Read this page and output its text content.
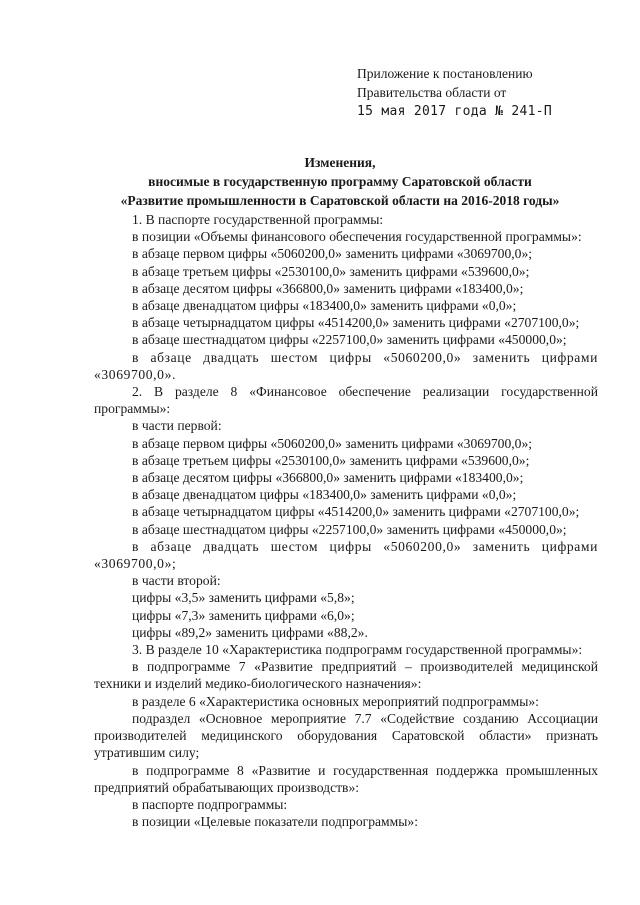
Приложение к постановлению
Правительства области от
15 мая 2017 года № 241-П
Изменения,
вносимые в государственную программу Саратовской области
«Развитие промышленности в Саратовской области на 2016-2018 годы»

1. В паспорте государственной программы:

в позиции «Объемы финансового обеспечения государственной программы»:

в абзаце первом цифры «5060200,0» заменить цифрами «3069700,0»;

в абзаце третьем цифры «2530100,0» заменить цифрами «539600,0»;

в абзаце десятом цифры «366800,0» заменить цифрами «183400,0»;

в абзаце двенадцатом цифры «183400,0» заменить цифрами «0,0»;

в абзаце четырнадцатом цифры «4514200,0» заменить цифрами «2707100,0»;

в абзаце шестнадцатом цифры «2257100,0» заменить цифрами «450000,0»;

в абзаце двадцать шестом цифры «5060200,0» заменить цифрами «3069700,0».

2. В разделе 8 «Финансовое обеспечение реализации государственной программы»:

в части первой:

в абзаце первом цифры «5060200,0» заменить цифрами «3069700,0»;

в абзаце третьем цифры «2530100,0» заменить цифрами «539600,0»;

в абзаце десятом цифры «366800,0» заменить цифрами «183400,0»;

в абзаце двенадцатом цифры «183400,0» заменить цифрами «0,0»;

в абзаце четырнадцатом цифры «4514200,0» заменить цифрами «2707100,0»;

в абзаце шестнадцатом цифры «2257100,0» заменить цифрами «450000,0»;

в абзаце двадцать шестом цифры «5060200,0» заменить цифрами «3069700,0»;

в части второй:

цифры «3,5» заменить цифрами «5,8»;

цифры «7,3» заменить цифрами «6,0»;

цифры «89,2» заменить цифрами «88,2».

3. В разделе 10 «Характеристика подпрограмм государственной программы»:

в подпрограмме 7 «Развитие предприятий – производителей медицинской техники и изделий медико-биологического назначения»:

в разделе 6 «Характеристика основных мероприятий подпрограммы»:

подраздел «Основное мероприятие 7.7 «Содействие созданию Ассоциации производителей медицинского оборудования Саратовской области» признать утратившим силу;

в подпрограмме 8 «Развитие и государственная поддержка промышленных предприятий обрабатывающих производств»:

в паспорте подпрограммы:

в позиции «Целевые показатели подпрограммы»:
